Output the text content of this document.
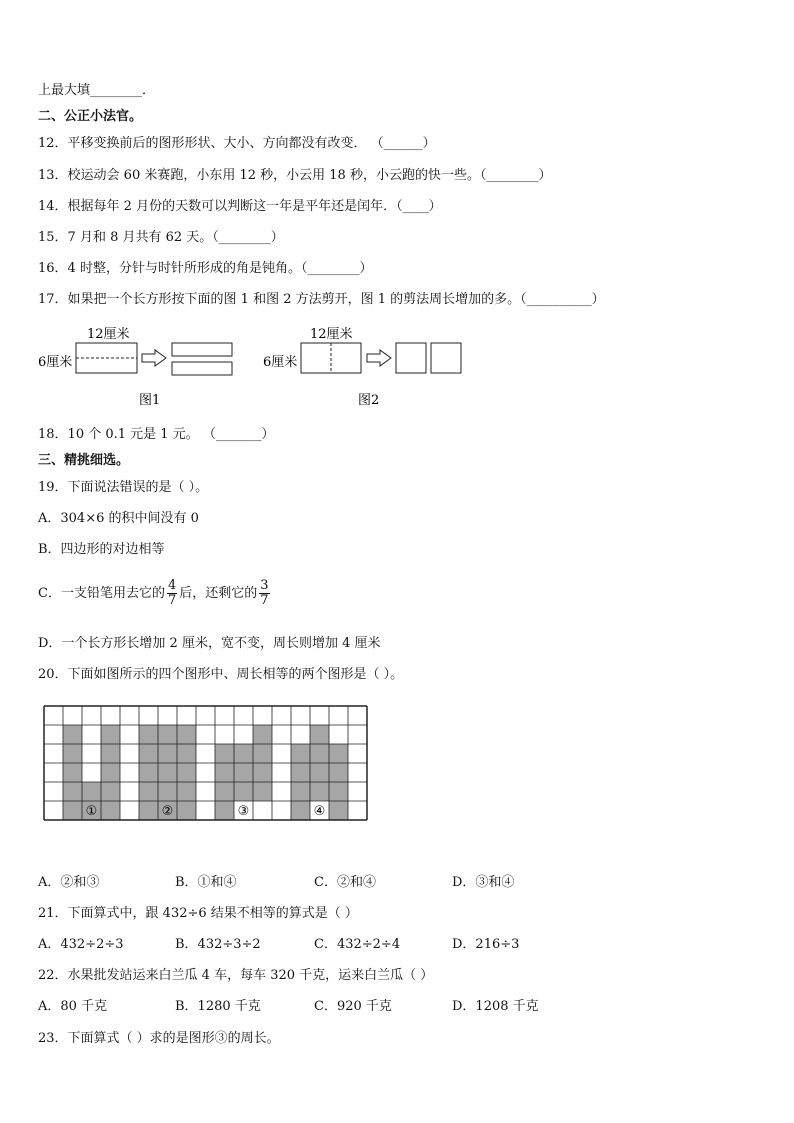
上最大填________．
二、公正小法官。
12．平移变换前后的图形形状、大小、方向都没有改变． （______）
13．校运动会 60 米赛跑，小东用 12 秒，小云用 18 秒，小云跑的快一些。（________）
14．根据每年 2 月份的天数可以判断这一年是平年还是闰年．（____）
15．7 月和 8 月共有 62 天。（________）
16．4 时整，分针与时针所形成的角是钝角。（________）
17．如果把一个长方形按下面的图 1 和图 2 方法剪开，图 1 的剪法周长增加的多。（__________）
12厘米
6厘米
图1
12厘米
6厘米
图2
18．10 个 0.1 元是 1 元。 （_______）
三、精挑细选。
19．下面说法错误的是（ ）。
A．304×6 的积中间没有 0
B．四边形的对边相等
C．一支铅笔用去它的 $\frac{4}{7}$ 后，还剩它的 $\frac{3}{7}$
D．一个长方形长增加 2 厘米，宽不变，周长则增加 4 厘米
20．下面如图所示的四个图形中、周长相等的两个图形是（ ）。
①	②	③	④
A．②和③	B．①和④	C．②和④	D．③和④
21．下面算式中，跟 432÷6 结果不相等的算式是（ ）
A．432÷2÷3	B．432÷3÷2	C．432÷2÷4	D．216÷3
22．水果批发站运来白兰瓜 4 车，每车 320 千克，运来白兰瓜（ ）
A．80 千克	B．1280 千克	C．920 千克	D．1208 千克
23．下面算式（ ）求的是图形③的周长。
